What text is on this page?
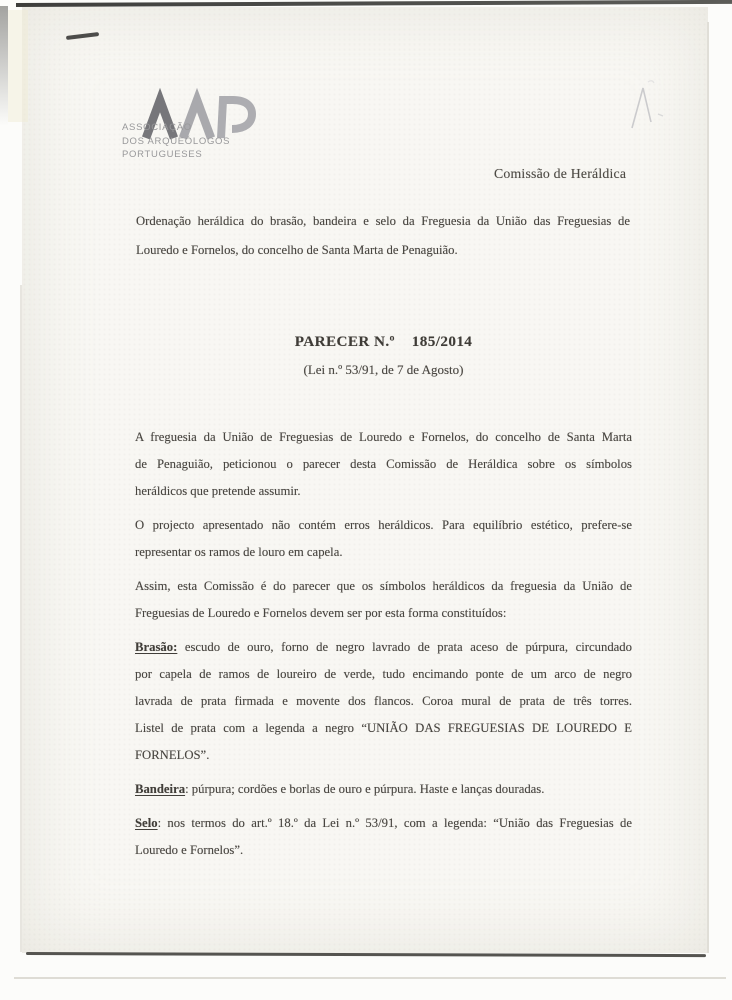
ASSOCIAÇÃO
DOS ARQUEÓLOGOS
PORTUGUESES
Comissão de Heráldica
Ordenação heráldica do brasão, bandeira e selo da Freguesia da União das Freguesias de
Louredo e Fornelos, do concelho de Santa Marta de Penaguião.
PARECER N.º    185/2014
(Lei n.º 53/91, de 7 de Agosto)
A freguesia da União de Freguesias de Louredo e Fornelos, do concelho de Santa Marta
de Penaguião, peticionou o parecer desta Comissão de Heráldica sobre os símbolos
heráldicos que pretende assumir.
O projecto apresentado não contém erros heráldicos. Para equilíbrio estético, prefere-se
representar os ramos de louro em capela.
Assim, esta Comissão é do parecer que os símbolos heráldicos da freguesia da União de
Freguesias de Louredo e Fornelos devem ser por esta forma constituídos:
Brasão: escudo de ouro, forno de negro lavrado de prata aceso de púrpura, circundado
por capela de ramos de loureiro de verde, tudo encimando ponte de um arco de negro
lavrada de prata firmada e movente dos flancos. Coroa mural de prata de três torres.
Listel de prata com a legenda a negro “UNIÃO DAS FREGUESIAS DE LOUREDO E
FORNELOS”.
Bandeira: púrpura; cordões e borlas de ouro e púrpura. Haste e lanças douradas.
Selo: nos termos do art.º 18.º da Lei n.º 53/91, com a legenda: “União das Freguesias de
Louredo e Fornelos”.
